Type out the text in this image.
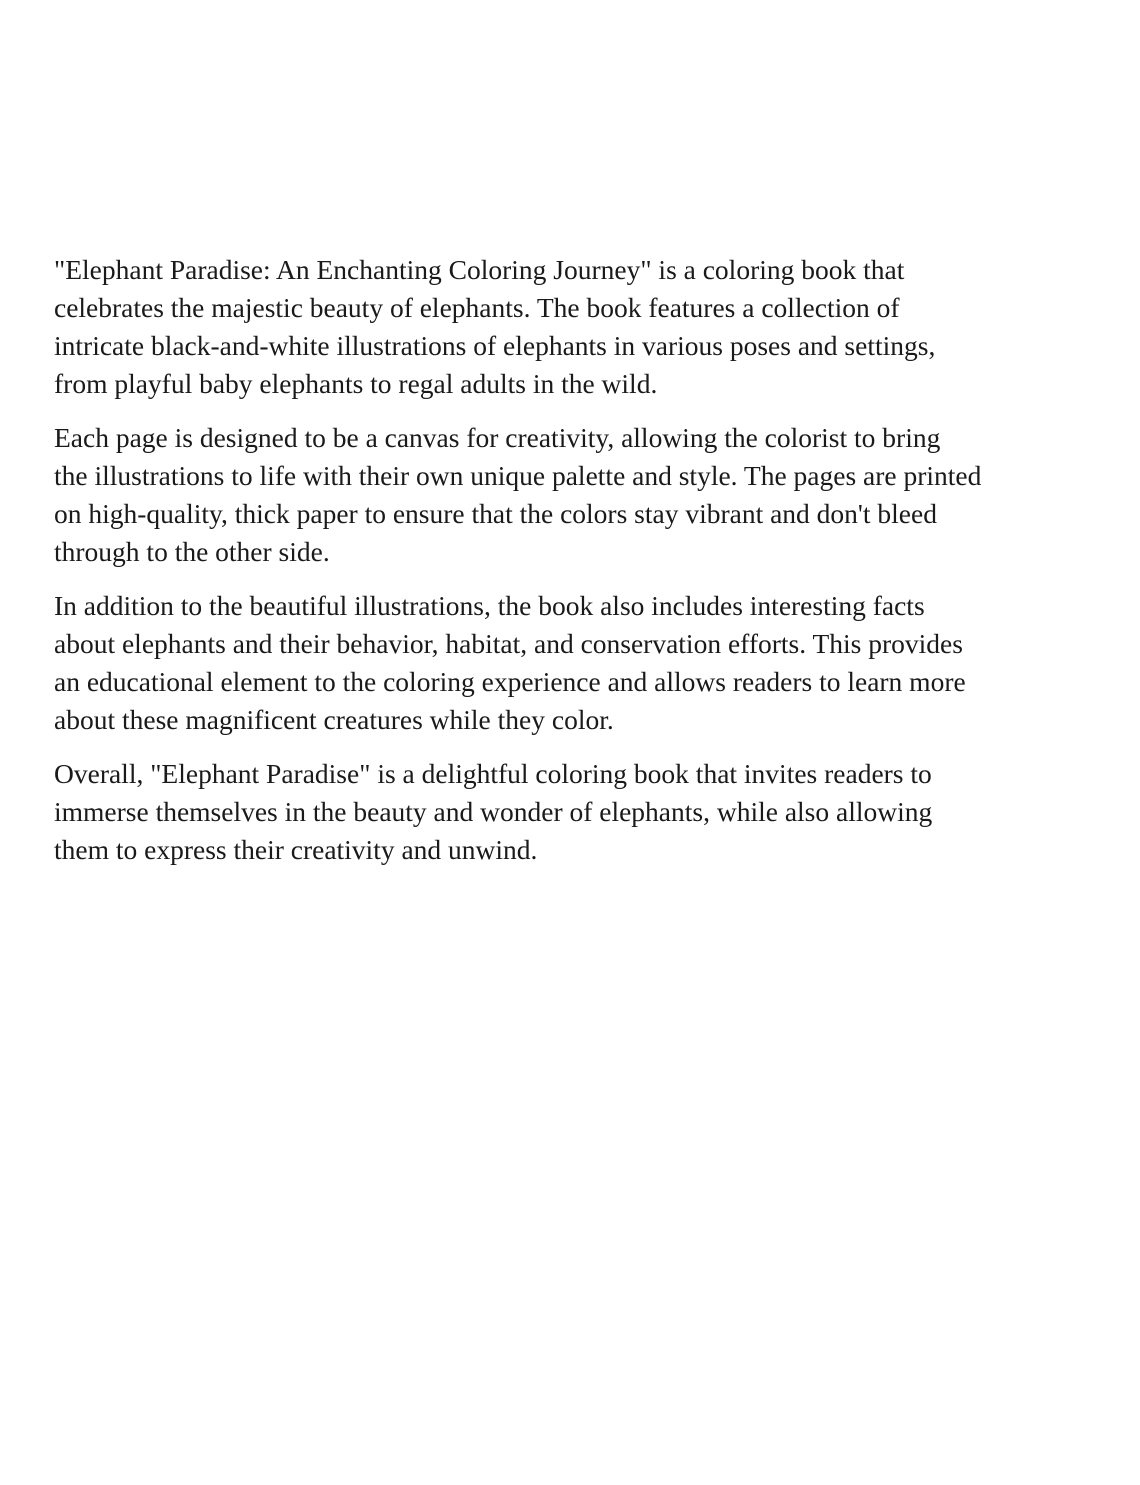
"Elephant Paradise: An Enchanting Coloring Journey" is a coloring book that
celebrates the majestic beauty of elephants. The book features a collection of
intricate black-and-white illustrations of elephants in various poses and settings,
from playful baby elephants to regal adults in the wild.

Each page is designed to be a canvas for creativity, allowing the colorist to bring
the illustrations to life with their own unique palette and style. The pages are printed
on high-quality, thick paper to ensure that the colors stay vibrant and don't bleed
through to the other side.

In addition to the beautiful illustrations, the book also includes interesting facts
about elephants and their behavior, habitat, and conservation efforts. This provides
an educational element to the coloring experience and allows readers to learn more
about these magnificent creatures while they color.

Overall, "Elephant Paradise" is a delightful coloring book that invites readers to
immerse themselves in the beauty and wonder of elephants, while also allowing
them to express their creativity and unwind.
